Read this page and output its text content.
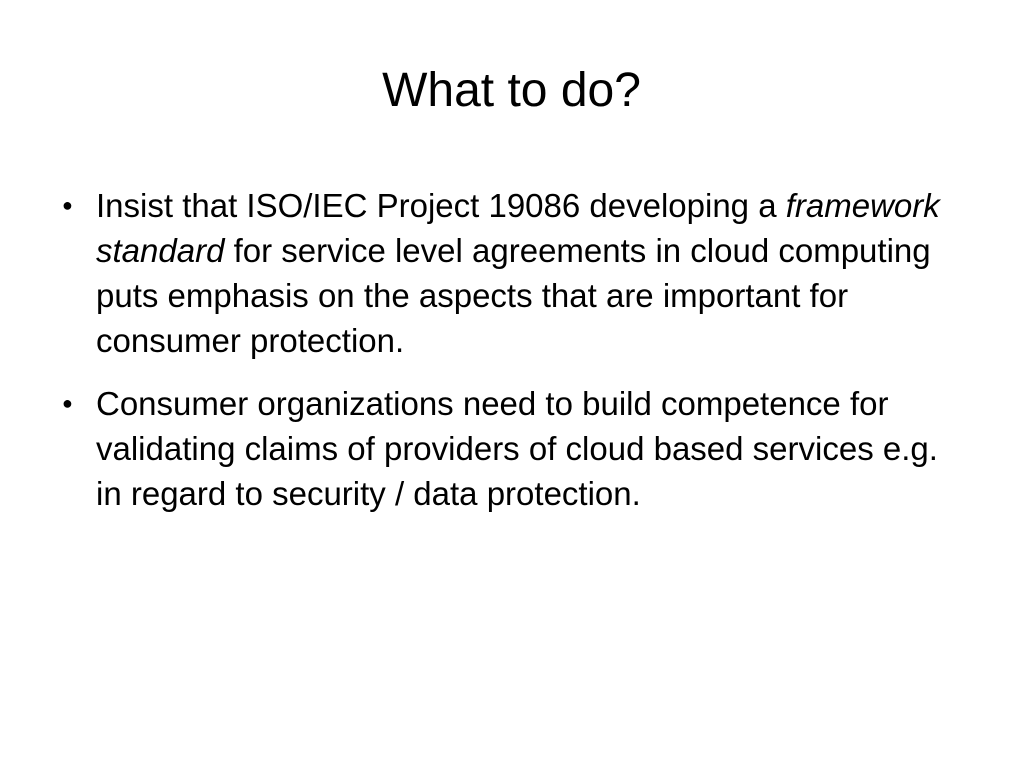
What to do?
● Insist that ISO/IEC Project 19086 developing a framework standard for service level agreements in cloud computing puts emphasis on the aspects that are important for consumer protection.
● Consumer organizations need to build competence for validating claims of providers of cloud based services e.g. in regard to security / data protection.
